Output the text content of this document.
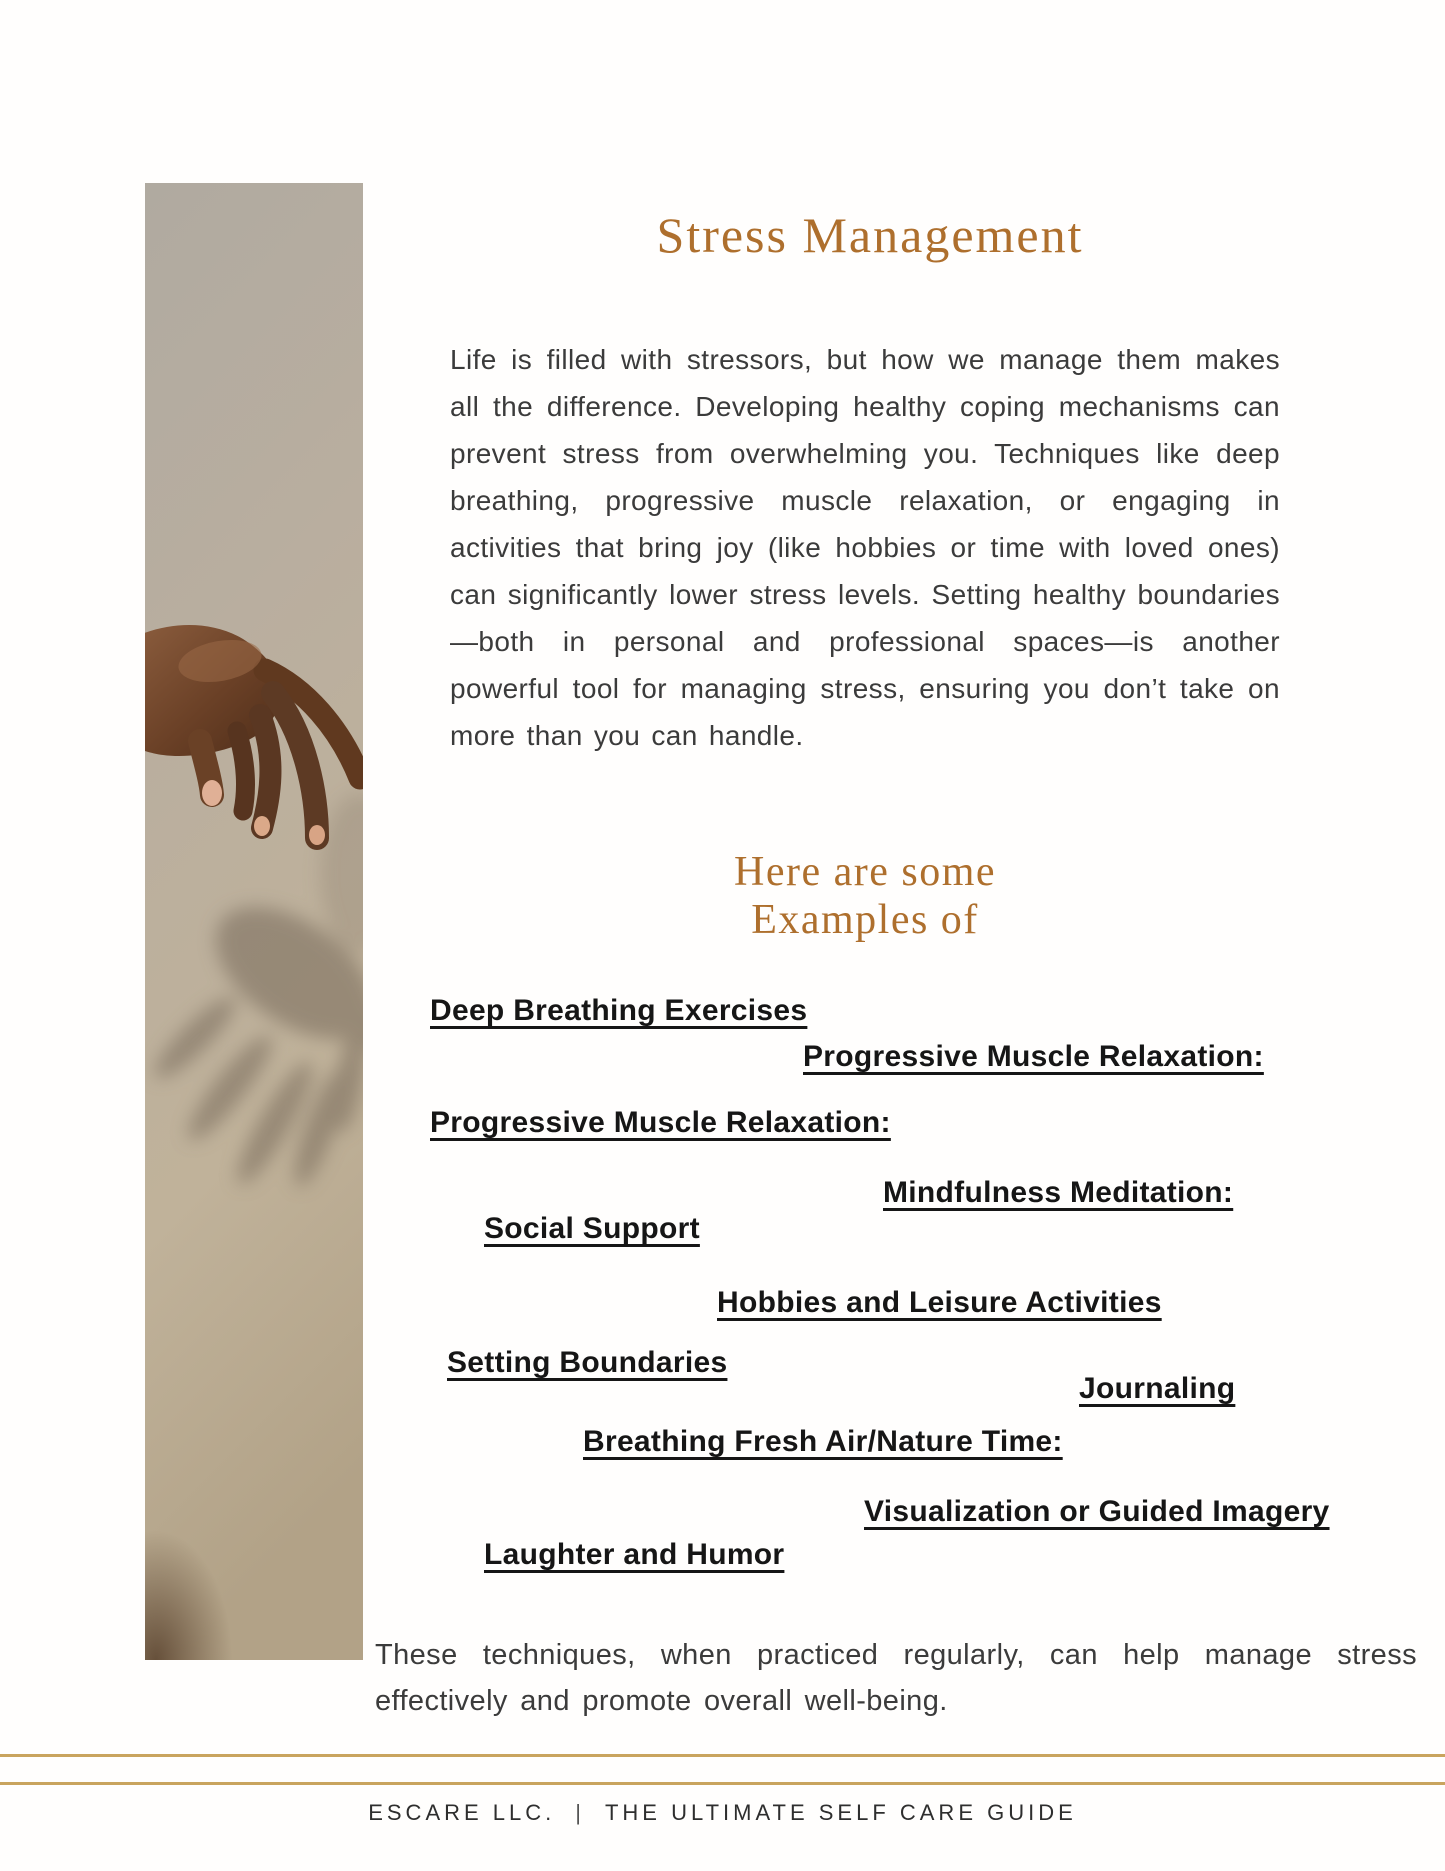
Stress Management
Life is filled with stressors, but how we manage them makes all the difference. Developing healthy coping mechanisms can prevent stress from overwhelming you. Techniques like deep breathing, progressive muscle relaxation, or engaging in activities that bring joy (like hobbies or time with loved ones) can significantly lower stress levels. Setting healthy boundaries—both in personal and professional spaces—is another powerful tool for managing stress, ensuring you don’t take on more than you can handle.
Here are some
Examples of
Deep Breathing Exercises
Progressive Muscle Relaxation:
Progressive Muscle Relaxation:
Mindfulness Meditation:
Social Support
Hobbies and Leisure Activities
Setting Boundaries
Journaling
Breathing Fresh Air/Nature Time:
Visualization or Guided Imagery
Laughter and Humor
These techniques, when practiced regularly, can help manage stress effectively and promote overall well-being.
ESCARE LLC. | THE ULTIMATE SELF CARE GUIDE
